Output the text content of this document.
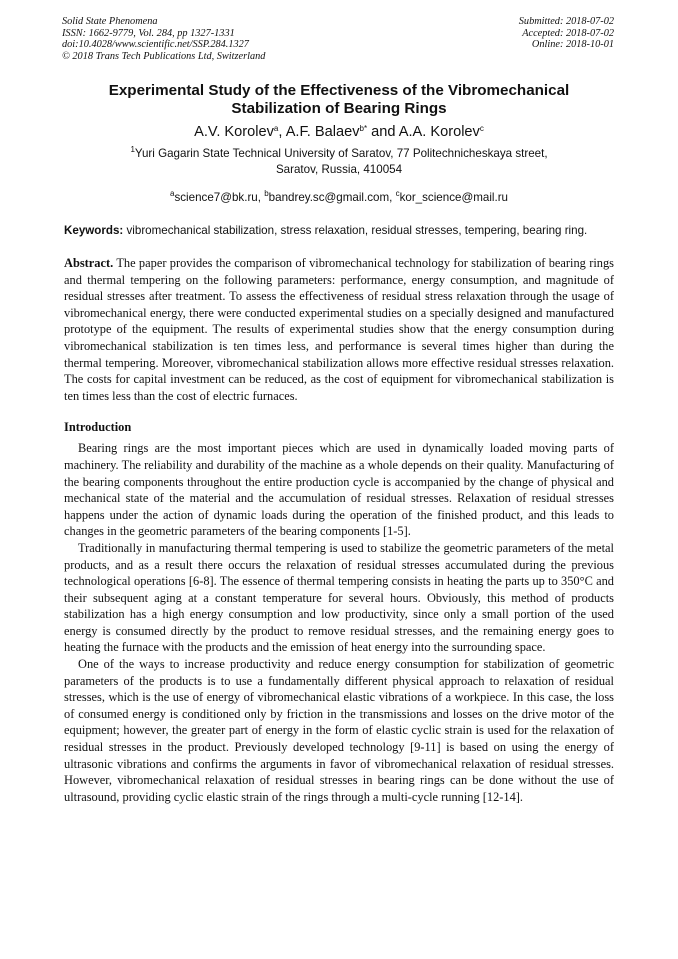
Solid State Phenomena
ISSN: 1662-9779, Vol. 284, pp 1327-1331
doi:10.4028/www.scientific.net/SSP.284.1327
© 2018 Trans Tech Publications Ltd, Switzerland
Submitted: 2018-07-02
Accepted: 2018-07-02
Online: 2018-10-01
Experimental Study of the Effectiveness of the Vibromechanical
Stabilization of Bearing Rings
A.V. Korolev$^a$, A.F. Balaev$^{b*}$ and A.A. Korolev$^c$
$^1$Yuri Gagarin State Technical University of Saratov, 77 Politechnicheskaya street,
Saratov, Russia, 410054
$^a$science7@bk.ru, $^b$bandrey.sc@gmail.com, $^c$kor_science@mail.ru
Keywords: vibromechanical stabilization, stress relaxation, residual stresses, tempering, bearing ring.
Abstract. The paper provides the comparison of vibromechanical technology for stabilization of bearing rings and thermal tempering on the following parameters: performance, energy consumption, and magnitude of residual stresses after treatment. To assess the effectiveness of residual stress relaxation through the usage of vibromechanical energy, there were conducted experimental studies on a specially designed and manufactured prototype of the equipment. The results of experimental studies show that the energy consumption during vibromechanical stabilization is ten times less, and performance is several times higher than during the thermal tempering. Moreover, vibromechanical stabilization allows more effective residual stresses relaxation. The costs for capital investment can be reduced, as the cost of equipment for vibromechanical stabilization is ten times less than the cost of electric furnaces.
Introduction

Bearing rings are the most important pieces which are used in dynamically loaded moving parts of machinery. The reliability and durability of the machine as a whole depends on their quality. Manufacturing of the bearing components throughout the entire production cycle is accompanied by the change of physical and mechanical state of the material and the accumulation of residual stresses. Relaxation of residual stresses happens under the action of dynamic loads during the operation of the finished product, and this leads to changes in the geometric parameters of the bearing components [1-5].

Traditionally in manufacturing thermal tempering is used to stabilize the geometric parameters of the metal products, and as a result there occurs the relaxation of residual stresses accumulated during the previous technological operations [6-8]. The essence of thermal tempering consists in heating the parts up to 350°C and their subsequent aging at a constant temperature for several hours. Obviously, this method of products stabilization has a high energy consumption and low productivity, since only a small portion of the used energy is consumed directly by the product to remove residual stresses, and the remaining energy goes to heating the furnace with the products and the emission of heat energy into the surrounding space.

One of the ways to increase productivity and reduce energy consumption for stabilization of geometric parameters of the products is to use a fundamentally different physical approach to relaxation of residual stresses, which is the use of energy of vibromechanical elastic vibrations of a workpiece. In this case, the loss of consumed energy is conditioned only by friction in the transmissions and losses on the drive motor of the equipment; however, the greater part of energy in the form of elastic cyclic strain is used for the relaxation of residual stresses in the product. Previously developed technology [9-11] is based on using the energy of ultrasonic vibrations and confirms the arguments in favor of vibromechanical relaxation of residual stresses. However, vibromechanical relaxation of residual stresses in bearing rings can be done without the use of ultrasound, providing cyclic elastic strain of the rings through a multi-cycle running [12-14].
